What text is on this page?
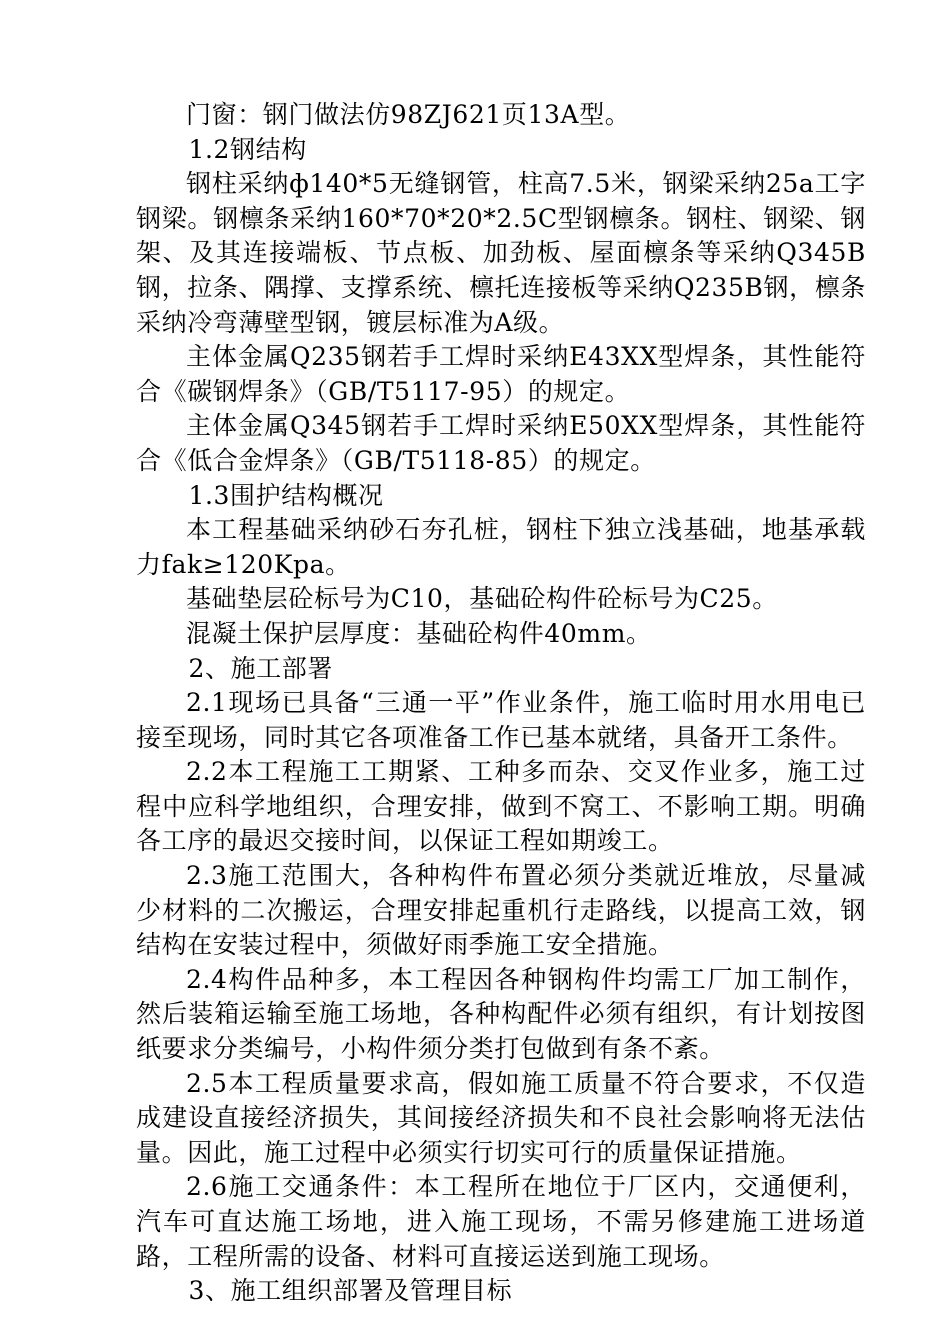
门窗：钢门做法仿98ZJ621页13A型。

1.2钢结构

钢柱采纳ф140*5无缝钢管，柱高7.5米，钢梁采纳25a工字钢梁。钢檩条采纳160*70*20*2.5C型钢檩条。钢柱、钢梁、钢架、及其连接端板、节点板、加劲板、屋面檩条等采纳Q345B钢，拉条、隅撑、支撑系统、檩托连接板等采纳Q235B钢，檩条采纳冷弯薄壁型钢，镀层标准为A级。

主体金属Q235钢若手工焊时采纳E43XX型焊条，其性能符合《碳钢焊条》（GB/T5117-95）的规定。

主体金属Q345钢若手工焊时采纳E50XX型焊条，其性能符合《低合金焊条》（GB/T5118-85）的规定。

1.3围护结构概况

本工程基础采纳砂石夯孔桩，钢柱下独立浅基础，地基承载力fak≥120Kpa。

基础垫层砼标号为C10，基础砼构件砼标号为C25。

混凝土保护层厚度：基础砼构件40mm。

2、施工部署

2.1现场已具备“三通一平”作业条件，施工临时用水用电已接至现场，同时其它各项准备工作已基本就绪，具备开工条件。

2.2本工程施工工期紧、工种多而杂、交叉作业多，施工过程中应科学地组织，合理安排，做到不窝工、不影响工期。明确各工序的最迟交接时间，以保证工程如期竣工。

2.3施工范围大，各种构件布置必须分类就近堆放，尽量减少材料的二次搬运，合理安排起重机行走路线，以提高工效，钢结构在安装过程中，须做好雨季施工安全措施。

2.4构件品种多，本工程因各种钢构件均需工厂加工制作，然后装箱运输至施工场地，各种构配件必须有组织，有计划按图纸要求分类编号，小构件须分类打包做到有条不紊。

2.5本工程质量要求高，假如施工质量不符合要求，不仅造成建设直接经济损失，其间接经济损失和不良社会影响将无法估量。因此，施工过程中必须实行切实可行的质量保证措施。

2.6施工交通条件：本工程所在地位于厂区内，交通便利，汽车可直达施工场地，进入施工现场，不需另修建施工进场道路，工程所需的设备、材料可直接运送到施工现场。

3、施工组织部署及管理目标
